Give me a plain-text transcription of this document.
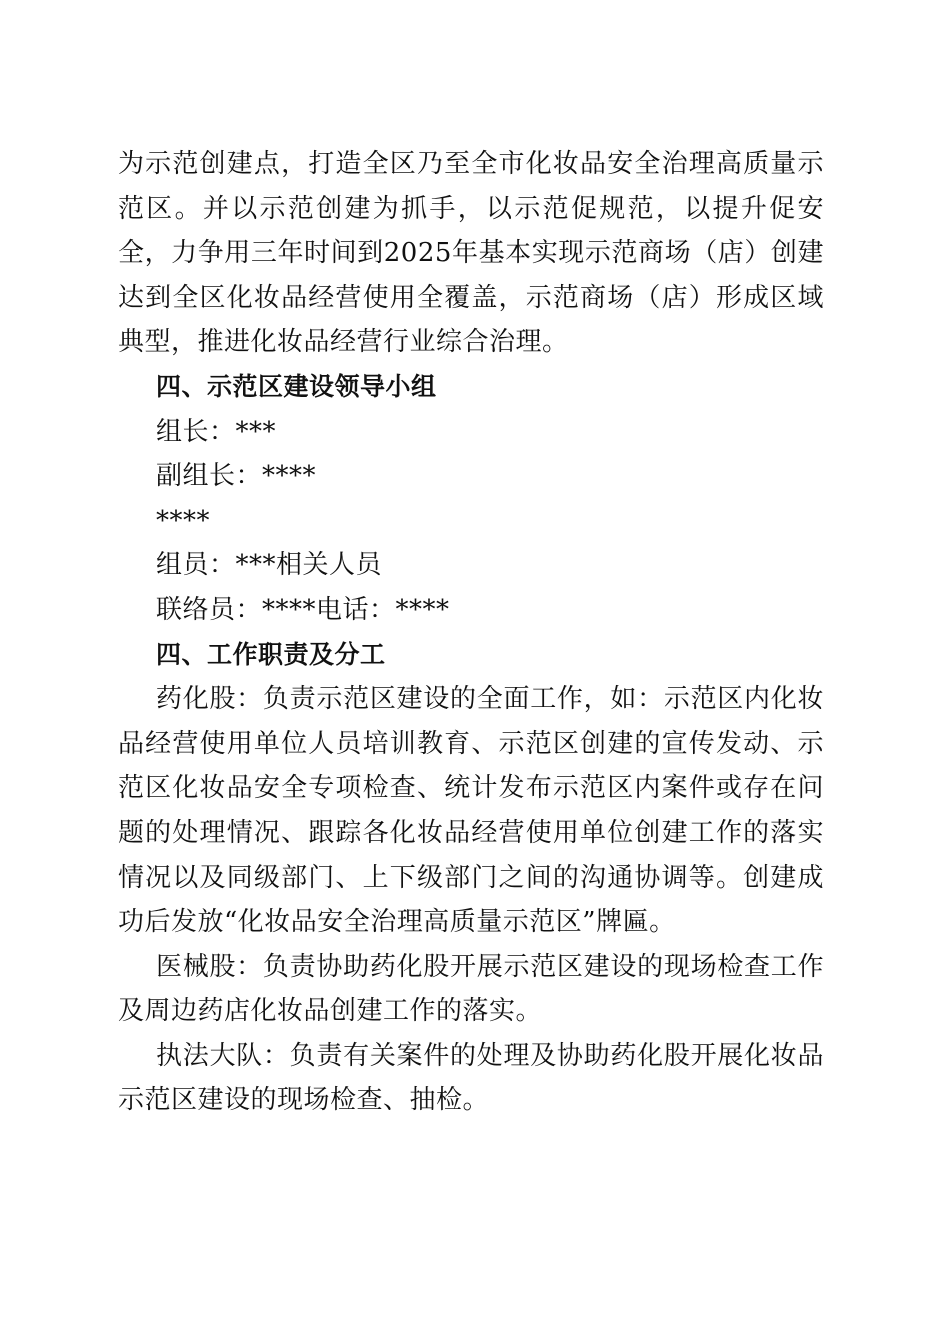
为示范创建点，打造全区乃至全市化妆品安全治理高质量示范区。并以示范创建为抓手，以示范促规范，以提升促安全，力争用三年时间到2025年基本实现示范商场（店）创建达到全区化妆品经营使用全覆盖，示范商场（店）形成区域典型，推进化妆品经营行业综合治理。

四、示范区建设领导小组

组长：***

副组长：****

****

组员：***相关人员

联络员：****电话：****

四、工作职责及分工

药化股：负责示范区建设的全面工作，如：示范区内化妆品经营使用单位人员培训教育、示范区创建的宣传发动、示范区化妆品安全专项检查、统计发布示范区内案件或存在问题的处理情况、跟踪各化妆品经营使用单位创建工作的落实情况以及同级部门、上下级部门之间的沟通协调等。创建成功后发放“化妆品安全治理高质量示范区”牌匾。

医械股：负责协助药化股开展示范区建设的现场检查工作及周边药店化妆品创建工作的落实。

执法大队：负责有关案件的处理及协助药化股开展化妆品示范区建设的现场检查、抽检。
